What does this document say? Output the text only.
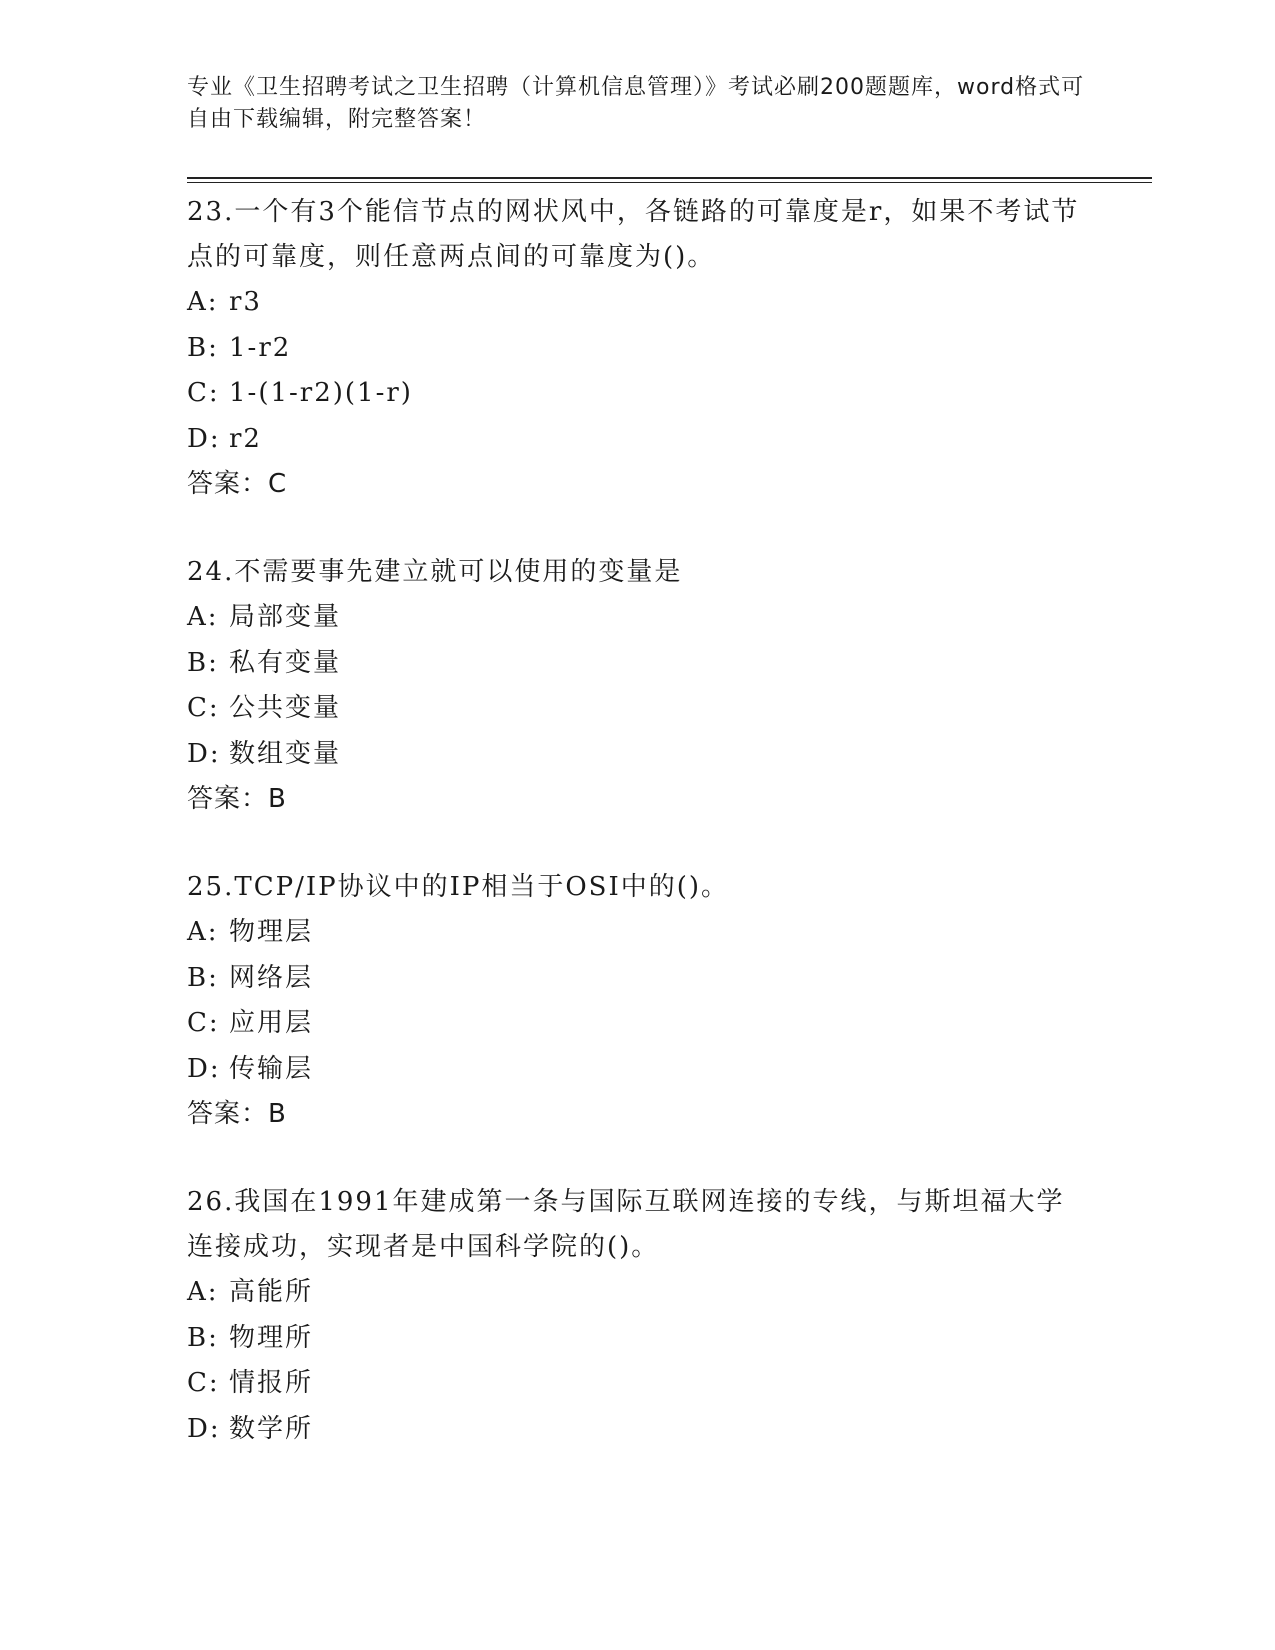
专业《卫生招聘考试之卫生招聘（计算机信息管理）》考试必刷200题题库，word格式可自由下载编辑，附完整答案！

23.一个有3个能信节点的网状风中，各链路的可靠度是r，如果不考试节点的可靠度，则任意两点间的可靠度为()。

A: r3
B: 1-r2
C: 1-(1-r2)(1-r)
D: r2
答案：C

24.不需要事先建立就可以使用的变量是

A: 局部变量
B: 私有变量
C: 公共变量
D: 数组变量
答案：B

25.TCP/IP协议中的IP相当于OSI中的()。

A: 物理层
B: 网络层
C: 应用层
D: 传输层
答案：B

26.我国在1991年建成第一条与国际互联网连接的专线，与斯坦福大学连接成功，实现者是中国科学院的()。

A: 高能所
B: 物理所
C: 情报所
D: 数学所
